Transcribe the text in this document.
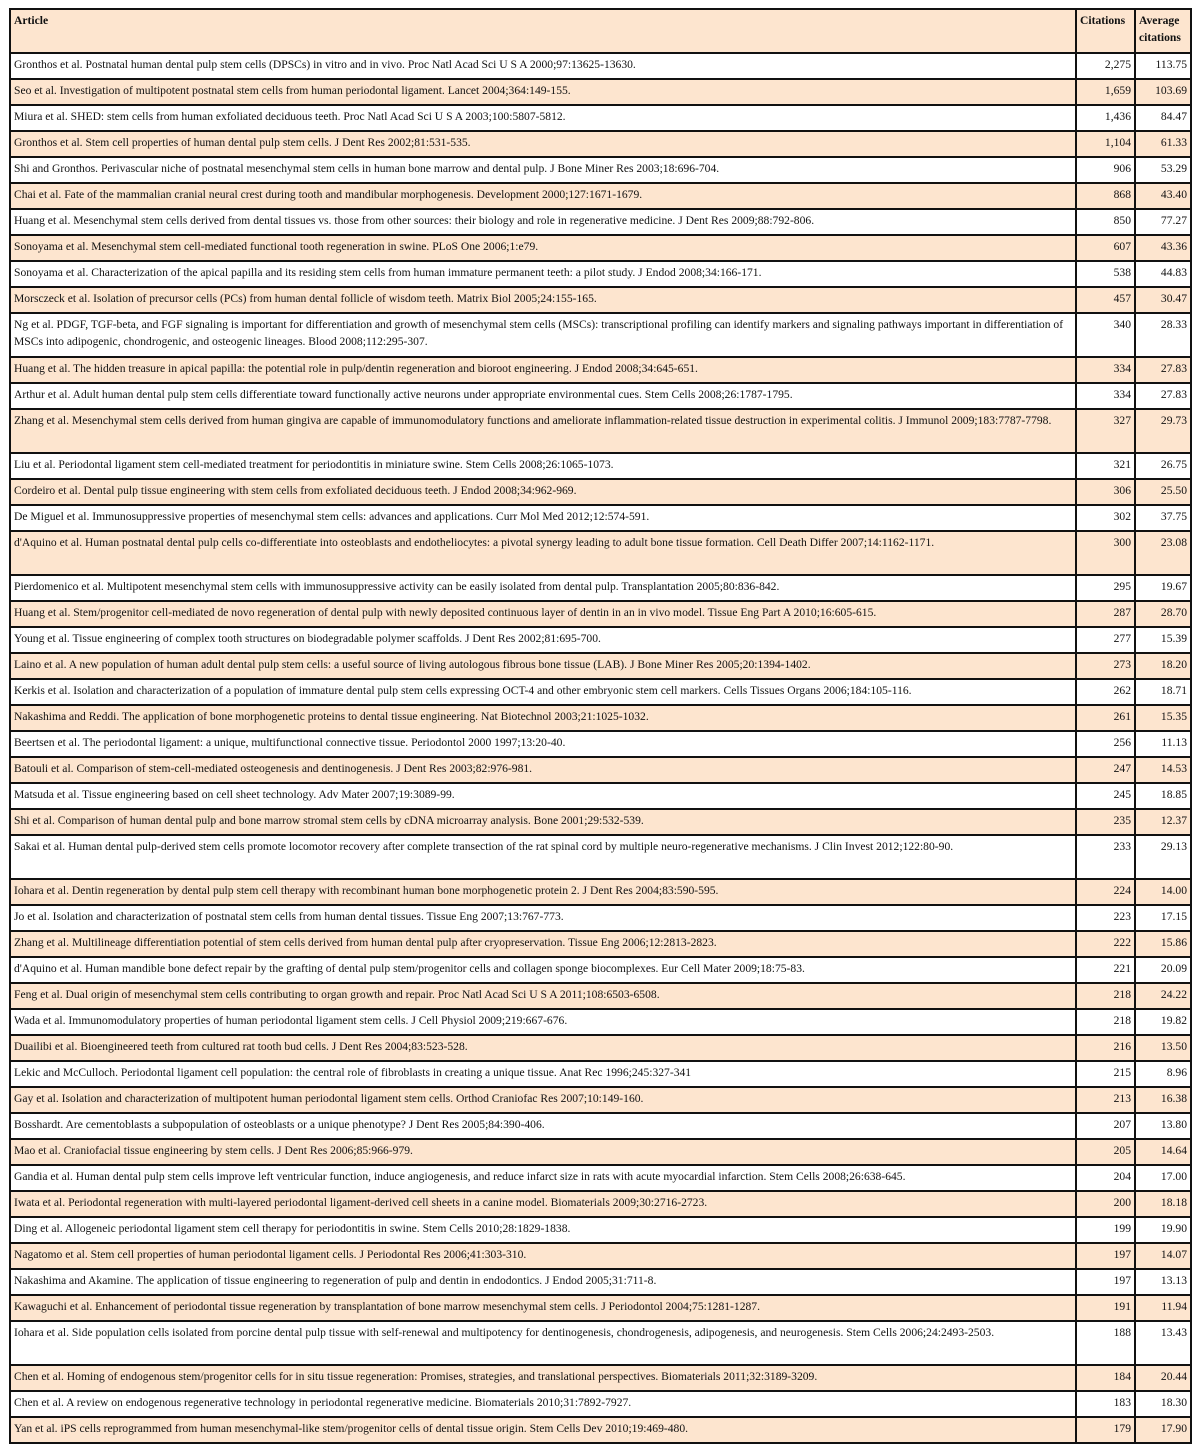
Article	Citations	Average citations
Gronthos et al. Postnatal human dental pulp stem cells (DPSCs) in vitro and in vivo. Proc Natl Acad Sci U S A 2000;97:13625-13630.	2,275	113.75
Seo et al. Investigation of multipotent postnatal stem cells from human periodontal ligament. Lancet 2004;364:149-155.	1,659	103.69
Miura et al. SHED: stem cells from human exfoliated deciduous teeth. Proc Natl Acad Sci U S A 2003;100:5807-5812.	1,436	84.47
Gronthos et al. Stem cell properties of human dental pulp stem cells. J Dent Res 2002;81:531-535.	1,104	61.33
Shi and Gronthos. Perivascular niche of postnatal mesenchymal stem cells in human bone marrow and dental pulp. J Bone Miner Res 2003;18:696-704.	906	53.29
Chai et al. Fate of the mammalian cranial neural crest during tooth and mandibular morphogenesis. Development 2000;127:1671-1679.	868	43.40
Huang et al. Mesenchymal stem cells derived from dental tissues vs. those from other sources: their biology and role in regenerative medicine. J Dent Res 2009;88:792-806.	850	77.27
Sonoyama et al. Mesenchymal stem cell-mediated functional tooth regeneration in swine. PLoS One 2006;1:e79.	607	43.36
Sonoyama et al. Characterization of the apical papilla and its residing stem cells from human immature permanent teeth: a pilot study. J Endod 2008;34:166-171.	538	44.83
Morsczeck et al. Isolation of precursor cells (PCs) from human dental follicle of wisdom teeth. Matrix Biol 2005;24:155-165.	457	30.47
Ng et al. PDGF, TGF-beta, and FGF signaling is important for differentiation and growth of mesenchymal stem cells (MSCs): transcriptional profiling can identify markers and signaling pathways important in differentiation of MSCs into adipogenic, chondrogenic, and osteogenic lineages. Blood 2008;112:295-307.	340	28.33
Huang et al. The hidden treasure in apical papilla: the potential role in pulp/dentin regeneration and bioroot engineering. J Endod 2008;34:645-651.	334	27.83
Arthur et al. Adult human dental pulp stem cells differentiate toward functionally active neurons under appropriate environmental cues. Stem Cells 2008;26:1787-1795.	334	27.83
Zhang et al. Mesenchymal stem cells derived from human gingiva are capable of immunomodulatory functions and ameliorate inflammation-related tissue destruction in experimental colitis. J Immunol 2009;183:7787-7798.	327	29.73
Liu et al. Periodontal ligament stem cell-mediated treatment for periodontitis in miniature swine. Stem Cells 2008;26:1065-1073.	321	26.75
Cordeiro et al. Dental pulp tissue engineering with stem cells from exfoliated deciduous teeth. J Endod 2008;34:962-969.	306	25.50
De Miguel et al. Immunosuppressive properties of mesenchymal stem cells: advances and applications. Curr Mol Med 2012;12:574-591.	302	37.75
d'Aquino et al. Human postnatal dental pulp cells co-differentiate into osteoblasts and endotheliocytes: a pivotal synergy leading to adult bone tissue formation. Cell Death Differ 2007;14:1162-1171.	300	23.08
Pierdomenico et al. Multipotent mesenchymal stem cells with immunosuppressive activity can be easily isolated from dental pulp. Transplantation 2005;80:836-842.	295	19.67
Huang et al. Stem/progenitor cell-mediated de novo regeneration of dental pulp with newly deposited continuous layer of dentin in an in vivo model. Tissue Eng Part A 2010;16:605-615.	287	28.70
Young et al. Tissue engineering of complex tooth structures on biodegradable polymer scaffolds. J Dent Res 2002;81:695-700.	277	15.39
Laino et al. A new population of human adult dental pulp stem cells: a useful source of living autologous fibrous bone tissue (LAB). J Bone Miner Res 2005;20:1394-1402.	273	18.20
Kerkis et al. Isolation and characterization of a population of immature dental pulp stem cells expressing OCT-4 and other embryonic stem cell markers. Cells Tissues Organs 2006;184:105-116.	262	18.71
Nakashima and Reddi. The application of bone morphogenetic proteins to dental tissue engineering. Nat Biotechnol 2003;21:1025-1032.	261	15.35
Beertsen et al. The periodontal ligament: a unique, multifunctional connective tissue. Periodontol 2000 1997;13:20-40.	256	11.13
Batouli et al. Comparison of stem-cell-mediated osteogenesis and dentinogenesis. J Dent Res 2003;82:976-981.	247	14.53
Matsuda et al. Tissue engineering based on cell sheet technology. Adv Mater 2007;19:3089-99.	245	18.85
Shi et al. Comparison of human dental pulp and bone marrow stromal stem cells by cDNA microarray analysis. Bone 2001;29:532-539.	235	12.37
Sakai et al. Human dental pulp-derived stem cells promote locomotor recovery after complete transection of the rat spinal cord by multiple neuro-regenerative mechanisms. J Clin Invest 2012;122:80-90.	233	29.13
Iohara et al. Dentin regeneration by dental pulp stem cell therapy with recombinant human bone morphogenetic protein 2. J Dent Res 2004;83:590-595.	224	14.00
Jo et al. Isolation and characterization of postnatal stem cells from human dental tissues. Tissue Eng 2007;13:767-773.	223	17.15
Zhang et al. Multilineage differentiation potential of stem cells derived from human dental pulp after cryopreservation. Tissue Eng 2006;12:2813-2823.	222	15.86
d'Aquino et al. Human mandible bone defect repair by the grafting of dental pulp stem/progenitor cells and collagen sponge biocomplexes. Eur Cell Mater 2009;18:75-83.	221	20.09
Feng et al. Dual origin of mesenchymal stem cells contributing to organ growth and repair. Proc Natl Acad Sci U S A 2011;108:6503-6508.	218	24.22
Wada et al. Immunomodulatory properties of human periodontal ligament stem cells. J Cell Physiol 2009;219:667-676.	218	19.82
Duailibi et al. Bioengineered teeth from cultured rat tooth bud cells. J Dent Res 2004;83:523-528.	216	13.50
Lekic and McCulloch. Periodontal ligament cell population: the central role of fibroblasts in creating a unique tissue. Anat Rec 1996;245:327-341	215	8.96
Gay et al. Isolation and characterization of multipotent human periodontal ligament stem cells. Orthod Craniofac Res 2007;10:149-160.	213	16.38
Bosshardt. Are cementoblasts a subpopulation of osteoblasts or a unique phenotype? J Dent Res 2005;84:390-406.	207	13.80
Mao et al. Craniofacial tissue engineering by stem cells. J Dent Res 2006;85:966-979.	205	14.64
Gandia et al. Human dental pulp stem cells improve left ventricular function, induce angiogenesis, and reduce infarct size in rats with acute myocardial infarction. Stem Cells 2008;26:638-645.	204	17.00
Iwata et al. Periodontal regeneration with multi-layered periodontal ligament-derived cell sheets in a canine model. Biomaterials 2009;30:2716-2723.	200	18.18
Ding et al. Allogeneic periodontal ligament stem cell therapy for periodontitis in swine. Stem Cells 2010;28:1829-1838.	199	19.90
Nagatomo et al. Stem cell properties of human periodontal ligament cells. J Periodontal Res 2006;41:303-310.	197	14.07
Nakashima and Akamine. The application of tissue engineering to regeneration of pulp and dentin in endodontics. J Endod 2005;31:711-8.	197	13.13
Kawaguchi et al. Enhancement of periodontal tissue regeneration by transplantation of bone marrow mesenchymal stem cells. J Periodontol 2004;75:1281-1287.	191	11.94
Iohara et al. Side population cells isolated from porcine dental pulp tissue with self-renewal and multipotency for dentinogenesis, chondrogenesis, adipogenesis, and neurogenesis. Stem Cells 2006;24:2493-2503.	188	13.43
Chen et al. Homing of endogenous stem/progenitor cells for in situ tissue regeneration: Promises, strategies, and translational perspectives. Biomaterials 2011;32:3189-3209.	184	20.44
Chen et al. A review on endogenous regenerative technology in periodontal regenerative medicine. Biomaterials 2010;31:7892-7927.	183	18.30
Yan et al. iPS cells reprogrammed from human mesenchymal-like stem/progenitor cells of dental tissue origin. Stem Cells Dev 2010;19:469-480.	179	17.90
